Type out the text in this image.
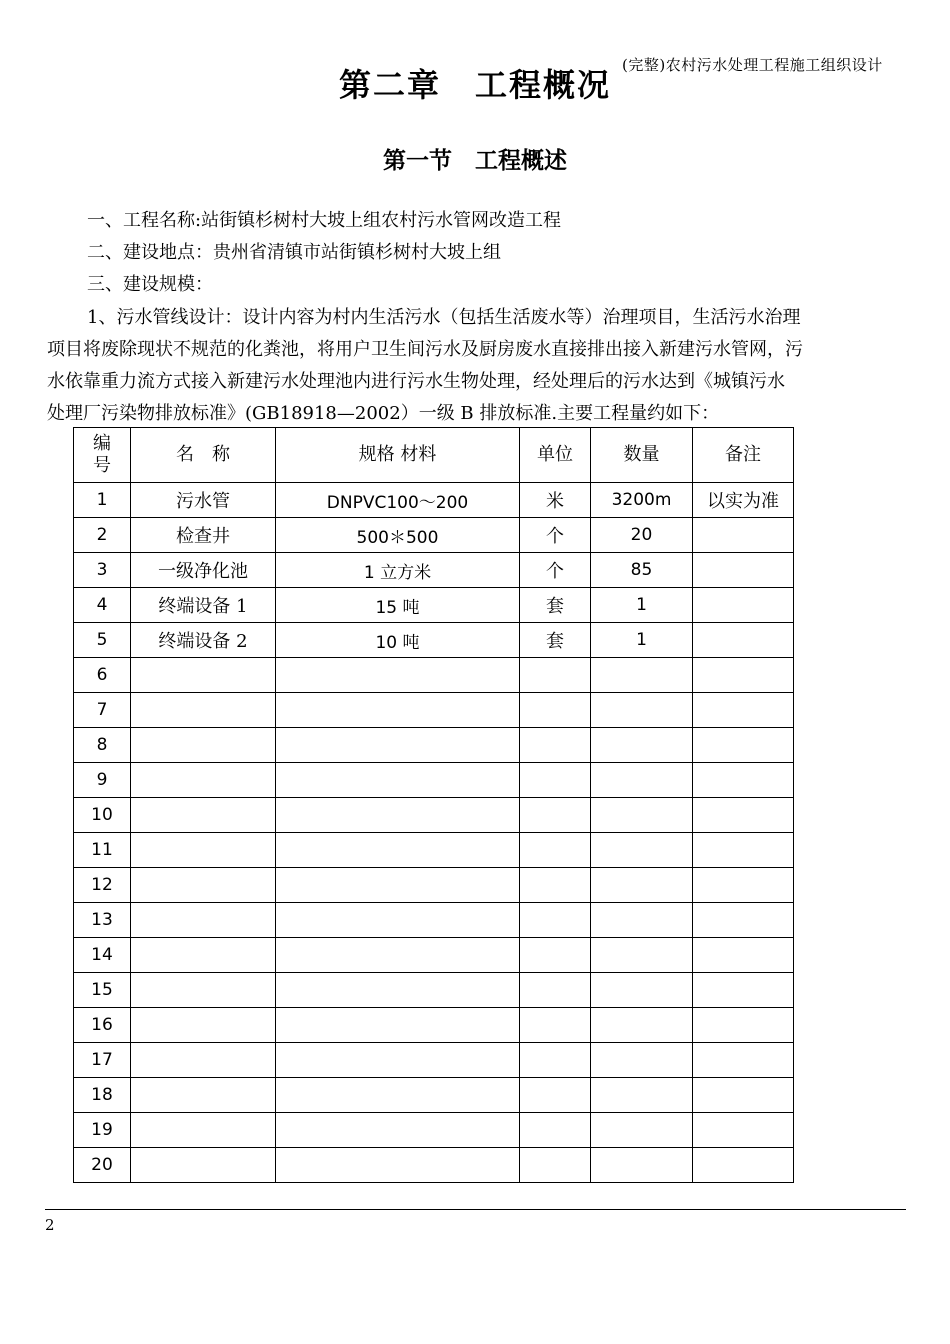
(完整)农村污水处理工程施工组织设计
第二章　 工程概况
第一节　 工程概述
一、工程名称:站街镇杉树村大坡上组农村污水管网改造工程
二、建设地点：贵州省清镇市站街镇杉树村大坡上组
三、建设规模：
1、污水管线设计：设计内容为村内生活污水（包括生活废水等）治理项目，生活污水治理
项目将废除现状不规范的化粪池，将用户卫生间污水及厨房废水直接排出接入新建污水管网，污
水依靠重力流方式接入新建污水处理池内进行污水生物处理，经处理后的污水达到《城镇污水
处理厂污染物排放标准》(GB18918—2002）一级 B 排放标准.主要工程量约如下：
编
号	名　称	规格 材料	单位	数量	备注
1	污水管	DNPVC100～200	米	3200m	以实为准
2	检查井	500＊500	个	20	
3	一级净化池	1 立方米	个	85	
4	终端设备 1	15 吨	套	1	
5	终端设备 2	10 吨	套	1	
6					
7					
8					
9					
10					
11					
12					
13					
14					
15					
16					
17					
18					
19					
20					
2
